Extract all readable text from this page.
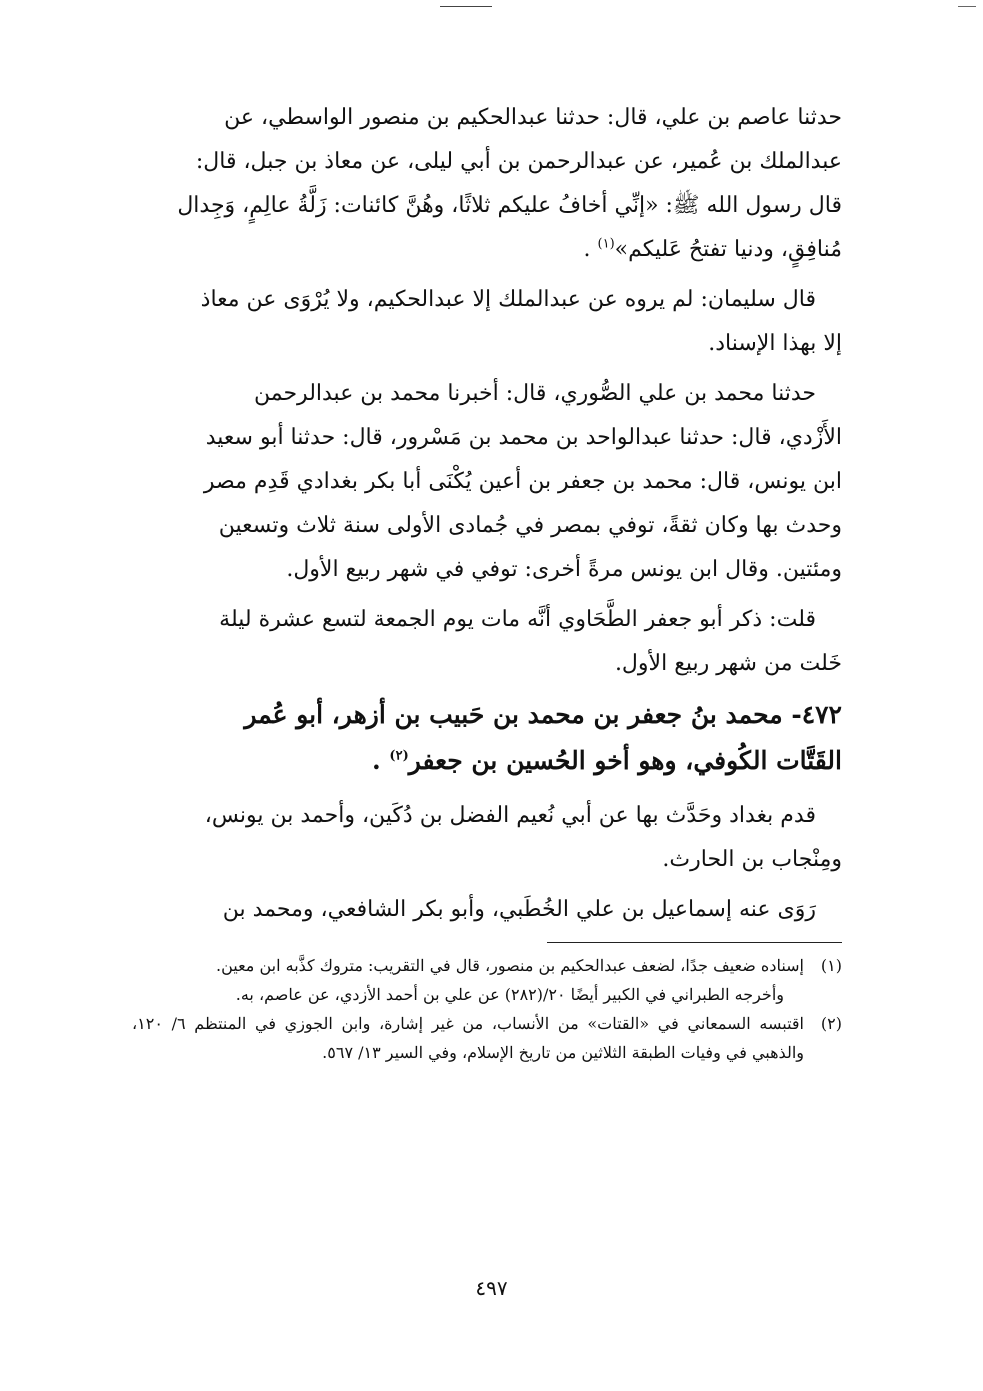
حدثنا عاصم بن علي، قال: حدثنا عبدالحكيم بن منصور الواسطي، عن

عبدالملك بن عُمير، عن عبدالرحمن بن أبي ليلى، عن معاذ بن جبل، قال:

قال رسول الله ﷺ: «إنِّي أخافُ عليكم ثلاثًا، وهُنَّ كائنات: زَلَّةُ عالِمٍ، وَجِدال

مُنافِقٍ، ودنيا تفتحُ عَليكم»$^{(١)}$ .

قال سليمان: لم يروه عن عبدالملك إلا عبدالحكيم، ولا يُرْوَى عن معاذ

إلا بهذا الإسناد.

حدثنا محمد بن علي الصُّوري، قال: أخبرنا محمد بن عبدالرحمن

الأَزْدي، قال: حدثنا عبدالواحد بن محمد بن مَسْرور، قال: حدثنا أبو سعيد

ابن يونس، قال: محمد بن جعفر بن أعين يُكْنَى أبا بكر بغدادي قَدِم مصر

وحدث بها وكان ثقةً، توفي بمصر في جُمادى الأولى سنة ثلاث وتسعين

ومئتين. وقال ابن يونس مرةً أخرى: توفي في شهر ربيع الأول.

قلت: ذكر أبو جعفر الطَّحَاوي أنَّه مات يوم الجمعة لتسع عشرة ليلة

خَلت من شهر ربيع الأول.

٤٧٢- محمد بنُ جعفر بن محمد بن حَبيب بن أزهر، أبو عُمر

القَتَّات الكُوفي، وهو أخو الحُسين بن جعفر$^{(٢)}$ .

قدم بغداد وحَدَّث بها عن أبي نُعيم الفضل بن دُكَين، وأحمد بن يونس،

ومِنْجاب بن الحارث.

رَوَى عنه إسماعيل بن علي الخُطَبي، وأبو بكر الشافعي، ومحمد بن

(١)
إسناده ضعيف جدًا، لضعف عبدالحكيم بن منصور، قال في التقريب: متروك كذَّبه ابن معين.
وأخرجه الطبراني في الكبير أيضًا ٢٠/(٢٨٢) عن علي بن أحمد الأزدي، عن عاصم، به.
(٢)
اقتبسه السمعاني في «القتات» من الأنساب، من غير إشارة، وابن الجوزي في المنتظم ٦/ ١٢٠، والذهبي في وفيات الطبقة الثلاثين من تاريخ الإسلام، وفي السير ١٣/ ٥٦٧.
٤٩٧
